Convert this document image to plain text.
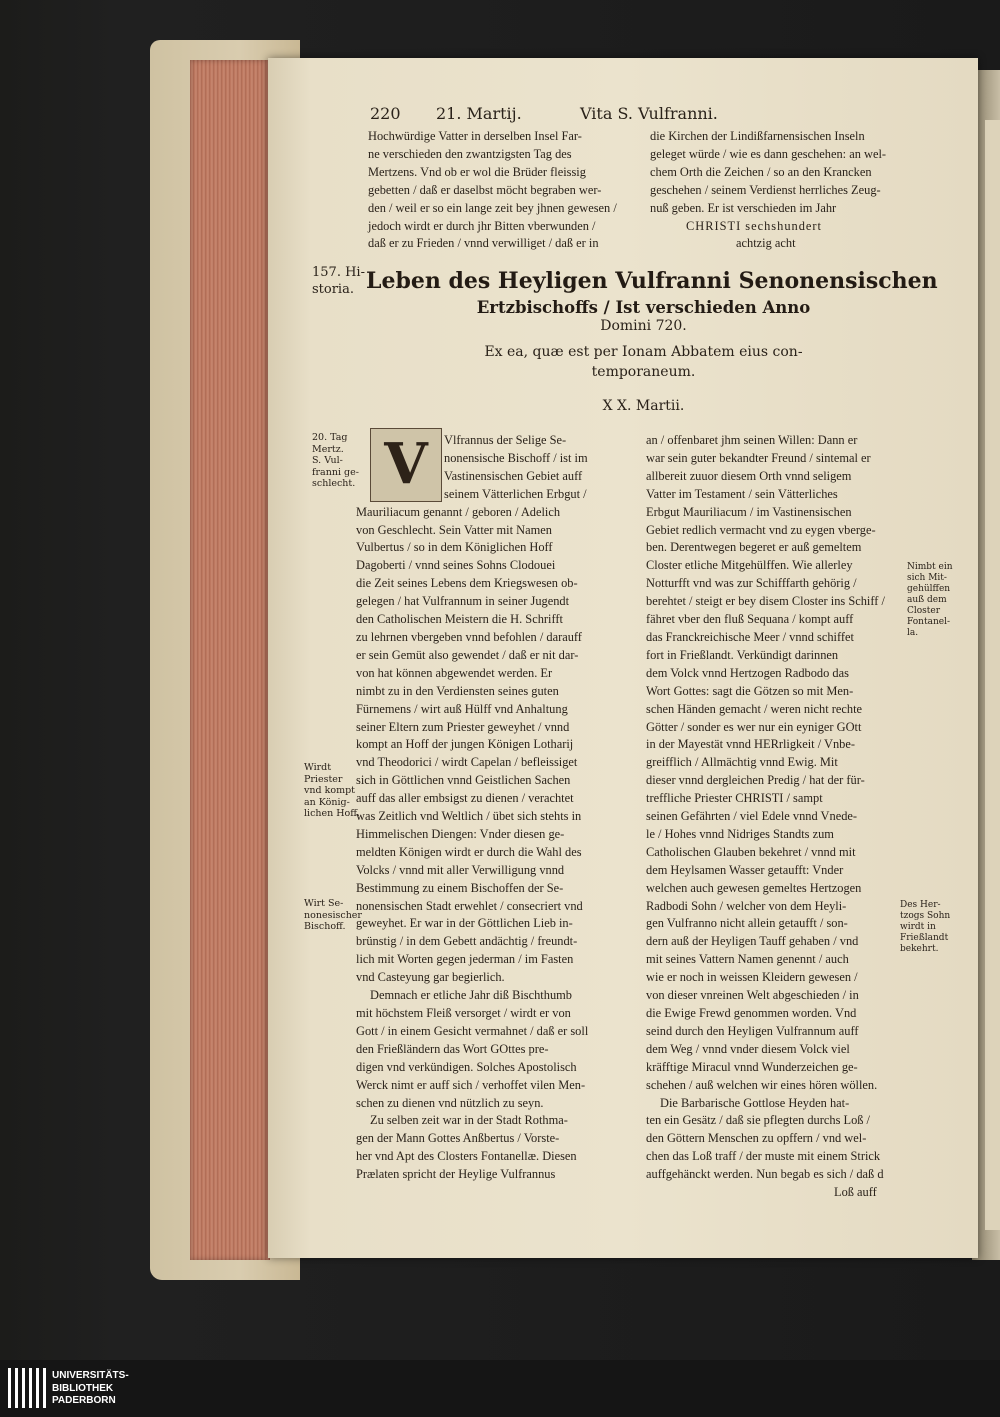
220 21. Martij.	Vita S. Vulfranni.

Hochwürdige Vatter in derselben Insel Far-

ne verschieden den zwantzigsten Tag des

Mertzens. Vnd ob er wol die Brüder fleissig

gebetten / daß er daselbst möcht begraben wer-

den / weil er so ein lange zeit bey jhnen gewesen /

jedoch wirdt er durch jhr Bitten vberwunden /

daß er zu Frieden / vnnd verwilliget / daß er in

die Kirchen der Lindißfarnensischen Inseln

geleget würde / wie es dann geschehen: an wel-

chem Orth die Zeichen / so an den Krancken

geschehen / seinem Verdienst herrliches Zeug-

nuß geben. Er ist verschieden im Jahr

CHRISTI sechshundert

achtzig acht

157. Hi-
storia. Leben des Heyligen Vulfranni Senonensischen
Ertzbischoffs / Ist verschieden Anno
Domini 720.
Ex ea, quæ est per Ionam Abbatem eius con-
temporaneum.
X X. Martii.
V
20. Tag
Mertz.
S. Vul-
franni ge-
schlecht.
Wirdt
Priester
vnd kompt
an König-
lichen Hoff.
Wirt Se-
nonesischer
Bischoff.

Vlfrannus der Selige Se-

nonensische Bischoff / ist im

Vastinensischen Gebiet auff

seinem Vätterlichen Erbgut /

Mauriliacum genannt / geboren / Adelich

von Geschlecht. Sein Vatter mit Namen

Vulbertus / so in dem Königlichen Hoff

Dagoberti / vnnd seines Sohns Clodouei

die Zeit seines Lebens dem Kriegswesen ob-

gelegen / hat Vulfrannum in seiner Jugendt

den Catholischen Meistern die H. Schrifft

zu lehrnen vbergeben vnnd befohlen / darauff

er sein Gemüt also gewendet / daß er nit dar-

von hat können abgewendet werden. Er

nimbt zu in den Verdiensten seines guten

Fürnemens / wirt auß Hülff vnd Anhaltung

seiner Eltern zum Priester geweyhet / vnnd

kompt an Hoff der jungen Königen Lotharij

vnd Theodorici / wirdt Capelan / befleissiget

sich in Göttlichen vnnd Geistlichen Sachen

auff das aller embsigst zu dienen / verachtet

was Zeitlich vnd Weltlich / übet sich stehts in

Himmelischen Diengen: Vnder diesen ge-

meldten Königen wirdt er durch die Wahl des

Volcks / vnnd mit aller Verwilligung vnnd

Bestimmung zu einem Bischoffen der Se-

nonensischen Stadt erwehlet / consecriert vnd

geweyhet. Er war in der Göttlichen Lieb in-

brünstig / in dem Gebett andächtig / freundt-

lich mit Worten gegen jederman / im Fasten

vnd Casteyung gar begierlich.

Demnach er etliche Jahr diß Bischthumb

mit höchstem Fleiß versorget / wirdt er von

Gott / in einem Gesicht vermahnet / daß er soll

den Frießländern das Wort GOttes pre-

digen vnd verkündigen. Solches Apostolisch

Werck nimt er auff sich / verhoffet vilen Men-

schen zu dienen vnd nützlich zu seyn.

Zu selben zeit war in der Stadt Rothma-

gen der Mann Gottes Anßbertus / Vorste-

her vnd Apt des Closters Fontanellæ. Diesen

Prælaten spricht der Heylige Vulfrannus

an / offenbaret jhm seinen Willen: Dann er

war sein guter bekandter Freund / sintemal er

allbereit zuuor diesem Orth vnnd seligem

Vatter im Testament / sein Vätterliches

Erbgut Mauriliacum / im Vastinensischen

Gebiet redlich vermacht vnd zu eygen vberge-

ben. Derentwegen begeret er auß gemeltem

Closter etliche Mitgehülffen. Wie allerley

Notturfft vnd was zur Schifffarth gehörig /

berehtet / steigt er bey disem Closter ins Schiff /

fähret vber den fluß Sequana / kompt auff

das Franckreichische Meer / vnnd schiffet

fort in Frießlandt. Verkündigt darinnen

dem Volck vnnd Hertzogen Radbodo das

Wort Gottes: sagt die Götzen so mit Men-

schen Händen gemacht / weren nicht rechte

Götter / sonder es wer nur ein eyniger GOtt

in der Mayestät vnnd HERrligkeit / Vnbe-

greifflich / Allmächtig vnnd Ewig. Mit

dieser vnnd dergleichen Predig / hat der für-

treffliche Priester CHRISTI / sampt

seinen Gefährten / viel Edele vnnd Vnede-

le / Hohes vnnd Nidriges Standts zum

Catholischen Glauben bekehret / vnnd mit

dem Heylsamen Wasser getaufft: Vnder

welchen auch gewesen gemeltes Hertzogen

Radbodi Sohn / welcher von dem Heyli-

gen Vulfranno nicht allein getaufft / son-

dern auß der Heyligen Tauff gehaben / vnd

mit seines Vattern Namen genennt / auch

wie er noch in weissen Kleidern gewesen /

von dieser vnreinen Welt abgeschieden / in

die Ewige Frewd genommen worden. Vnd

seind durch den Heyligen Vulfrannum auff

dem Weg / vnnd vnder diesem Volck viel

kräfftige Miracul vnnd Wunderzeichen ge-

schehen / auß welchen wir eines hören wöllen.

Die Barbarische Gottlose Heyden hat-

ten ein Gesätz / daß sie pflegten durchs Loß /

den Göttern Menschen zu opffern / vnd wel-

chen das Loß traff / der muste mit einem Strick

auffgehänckt werden. Nun begab es sich / daß d

Loß auff

Nimbt ein
sich Mit-
gehülffen
auß dem
Closter
Fontanel-
la.
Des Her-
tzogs Sohn
wirdt in
Frießlandt
bekehrt.
UNIVERSITÄTS-
BIBLIOTHEK
PADERBORN
